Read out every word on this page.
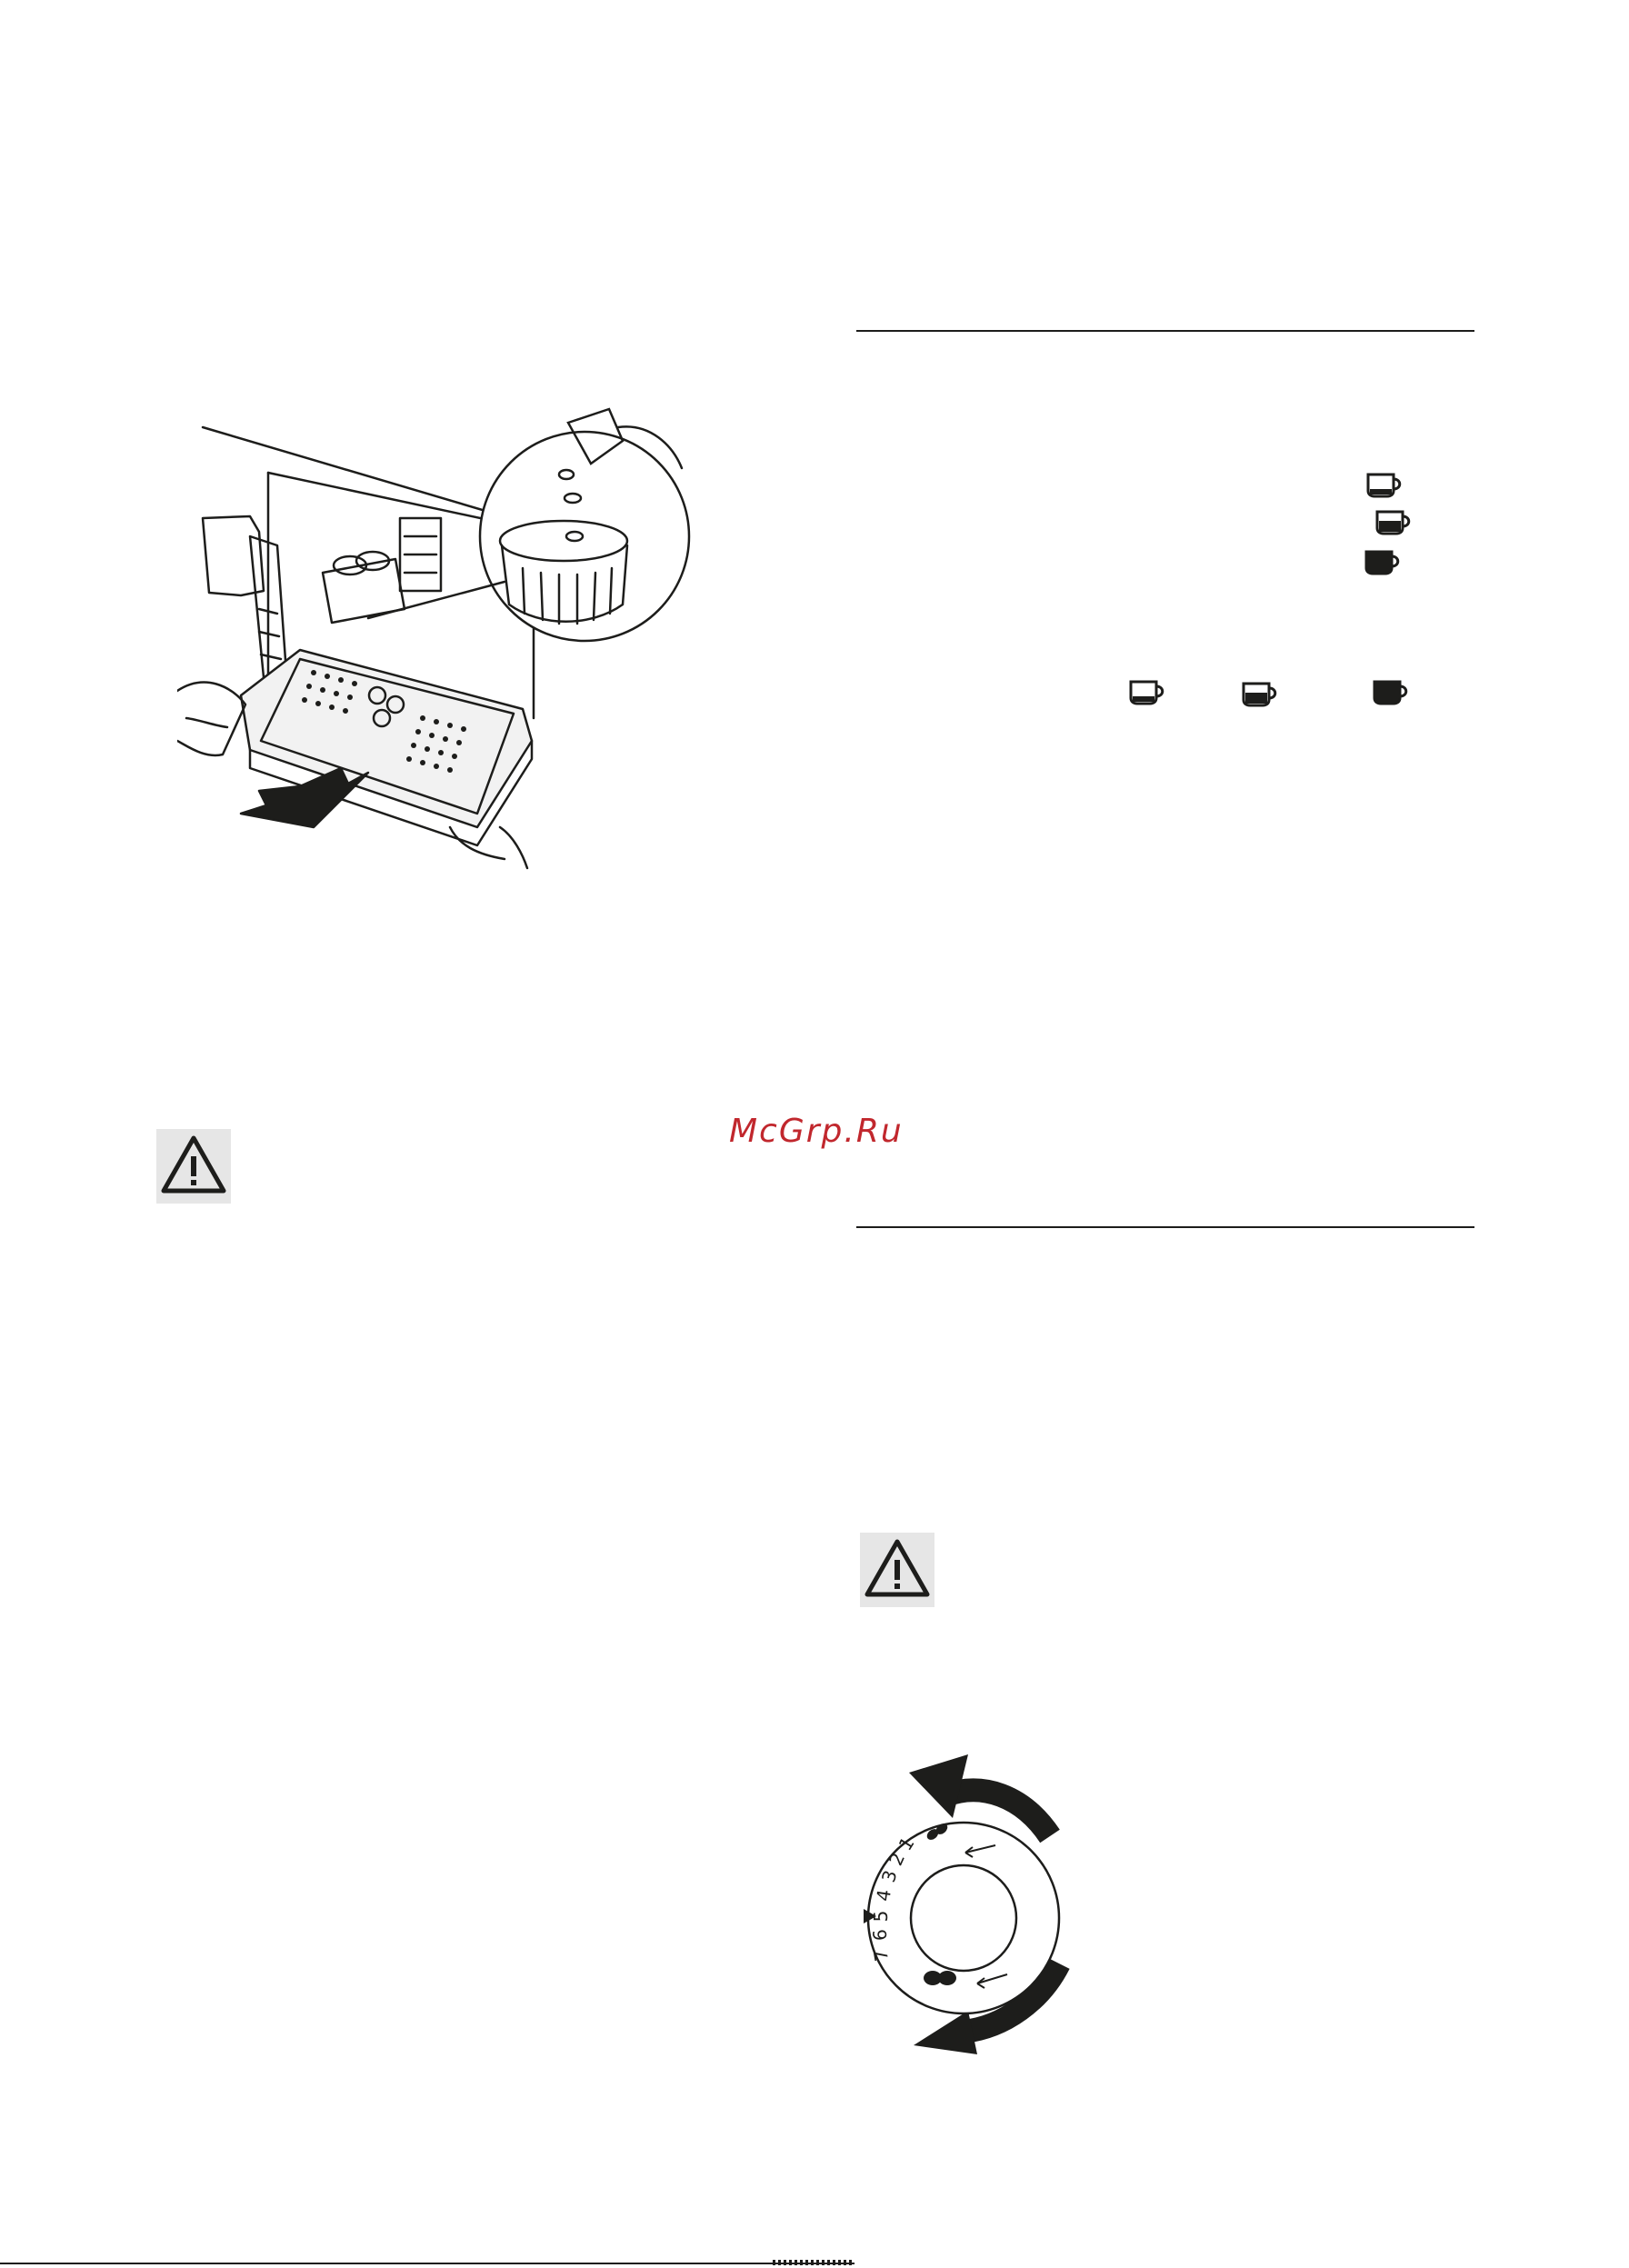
McGrp.Ru
7
6
5
4
3
2
1
